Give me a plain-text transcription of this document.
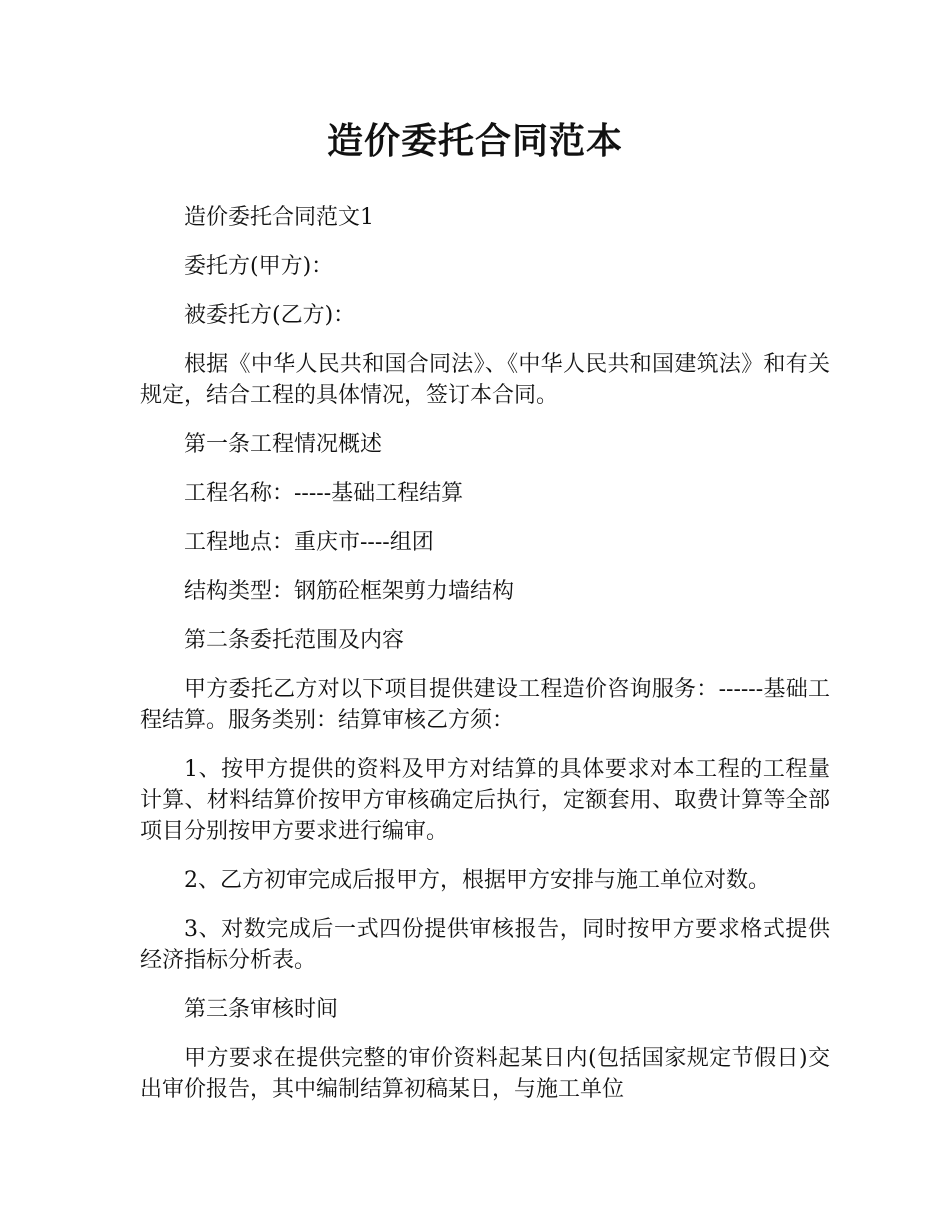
造价委托合同范本

造价委托合同范文1

委托方(甲方)：

被委托方(乙方)：

根据《中华人民共和国合同法》、《中华人民共和国建筑法》和有关规定，结合工程的具体情况，签订本合同。

第一条工程情况概述

工程名称：-----基础工程结算

工程地点：重庆市----组团

结构类型：钢筋砼框架剪力墙结构

第二条委托范围及内容

甲方委托乙方对以下项目提供建设工程造价咨询服务：------基础工程结算。服务类别：结算审核乙方须：

1、按甲方提供的资料及甲方对结算的具体要求对本工程的工程量计算、材料结算价按甲方审核确定后执行，定额套用、取费计算等全部项目分别按甲方要求进行编审。

2、乙方初审完成后报甲方，根据甲方安排与施工单位对数。

3、对数完成后一式四份提供审核报告，同时按甲方要求格式提供经济指标分析表。

第三条审核时间

甲方要求在提供完整的审价资料起某日内(包括国家规定节假日)交出审价报告，其中编制结算初稿某日，与施工单位
